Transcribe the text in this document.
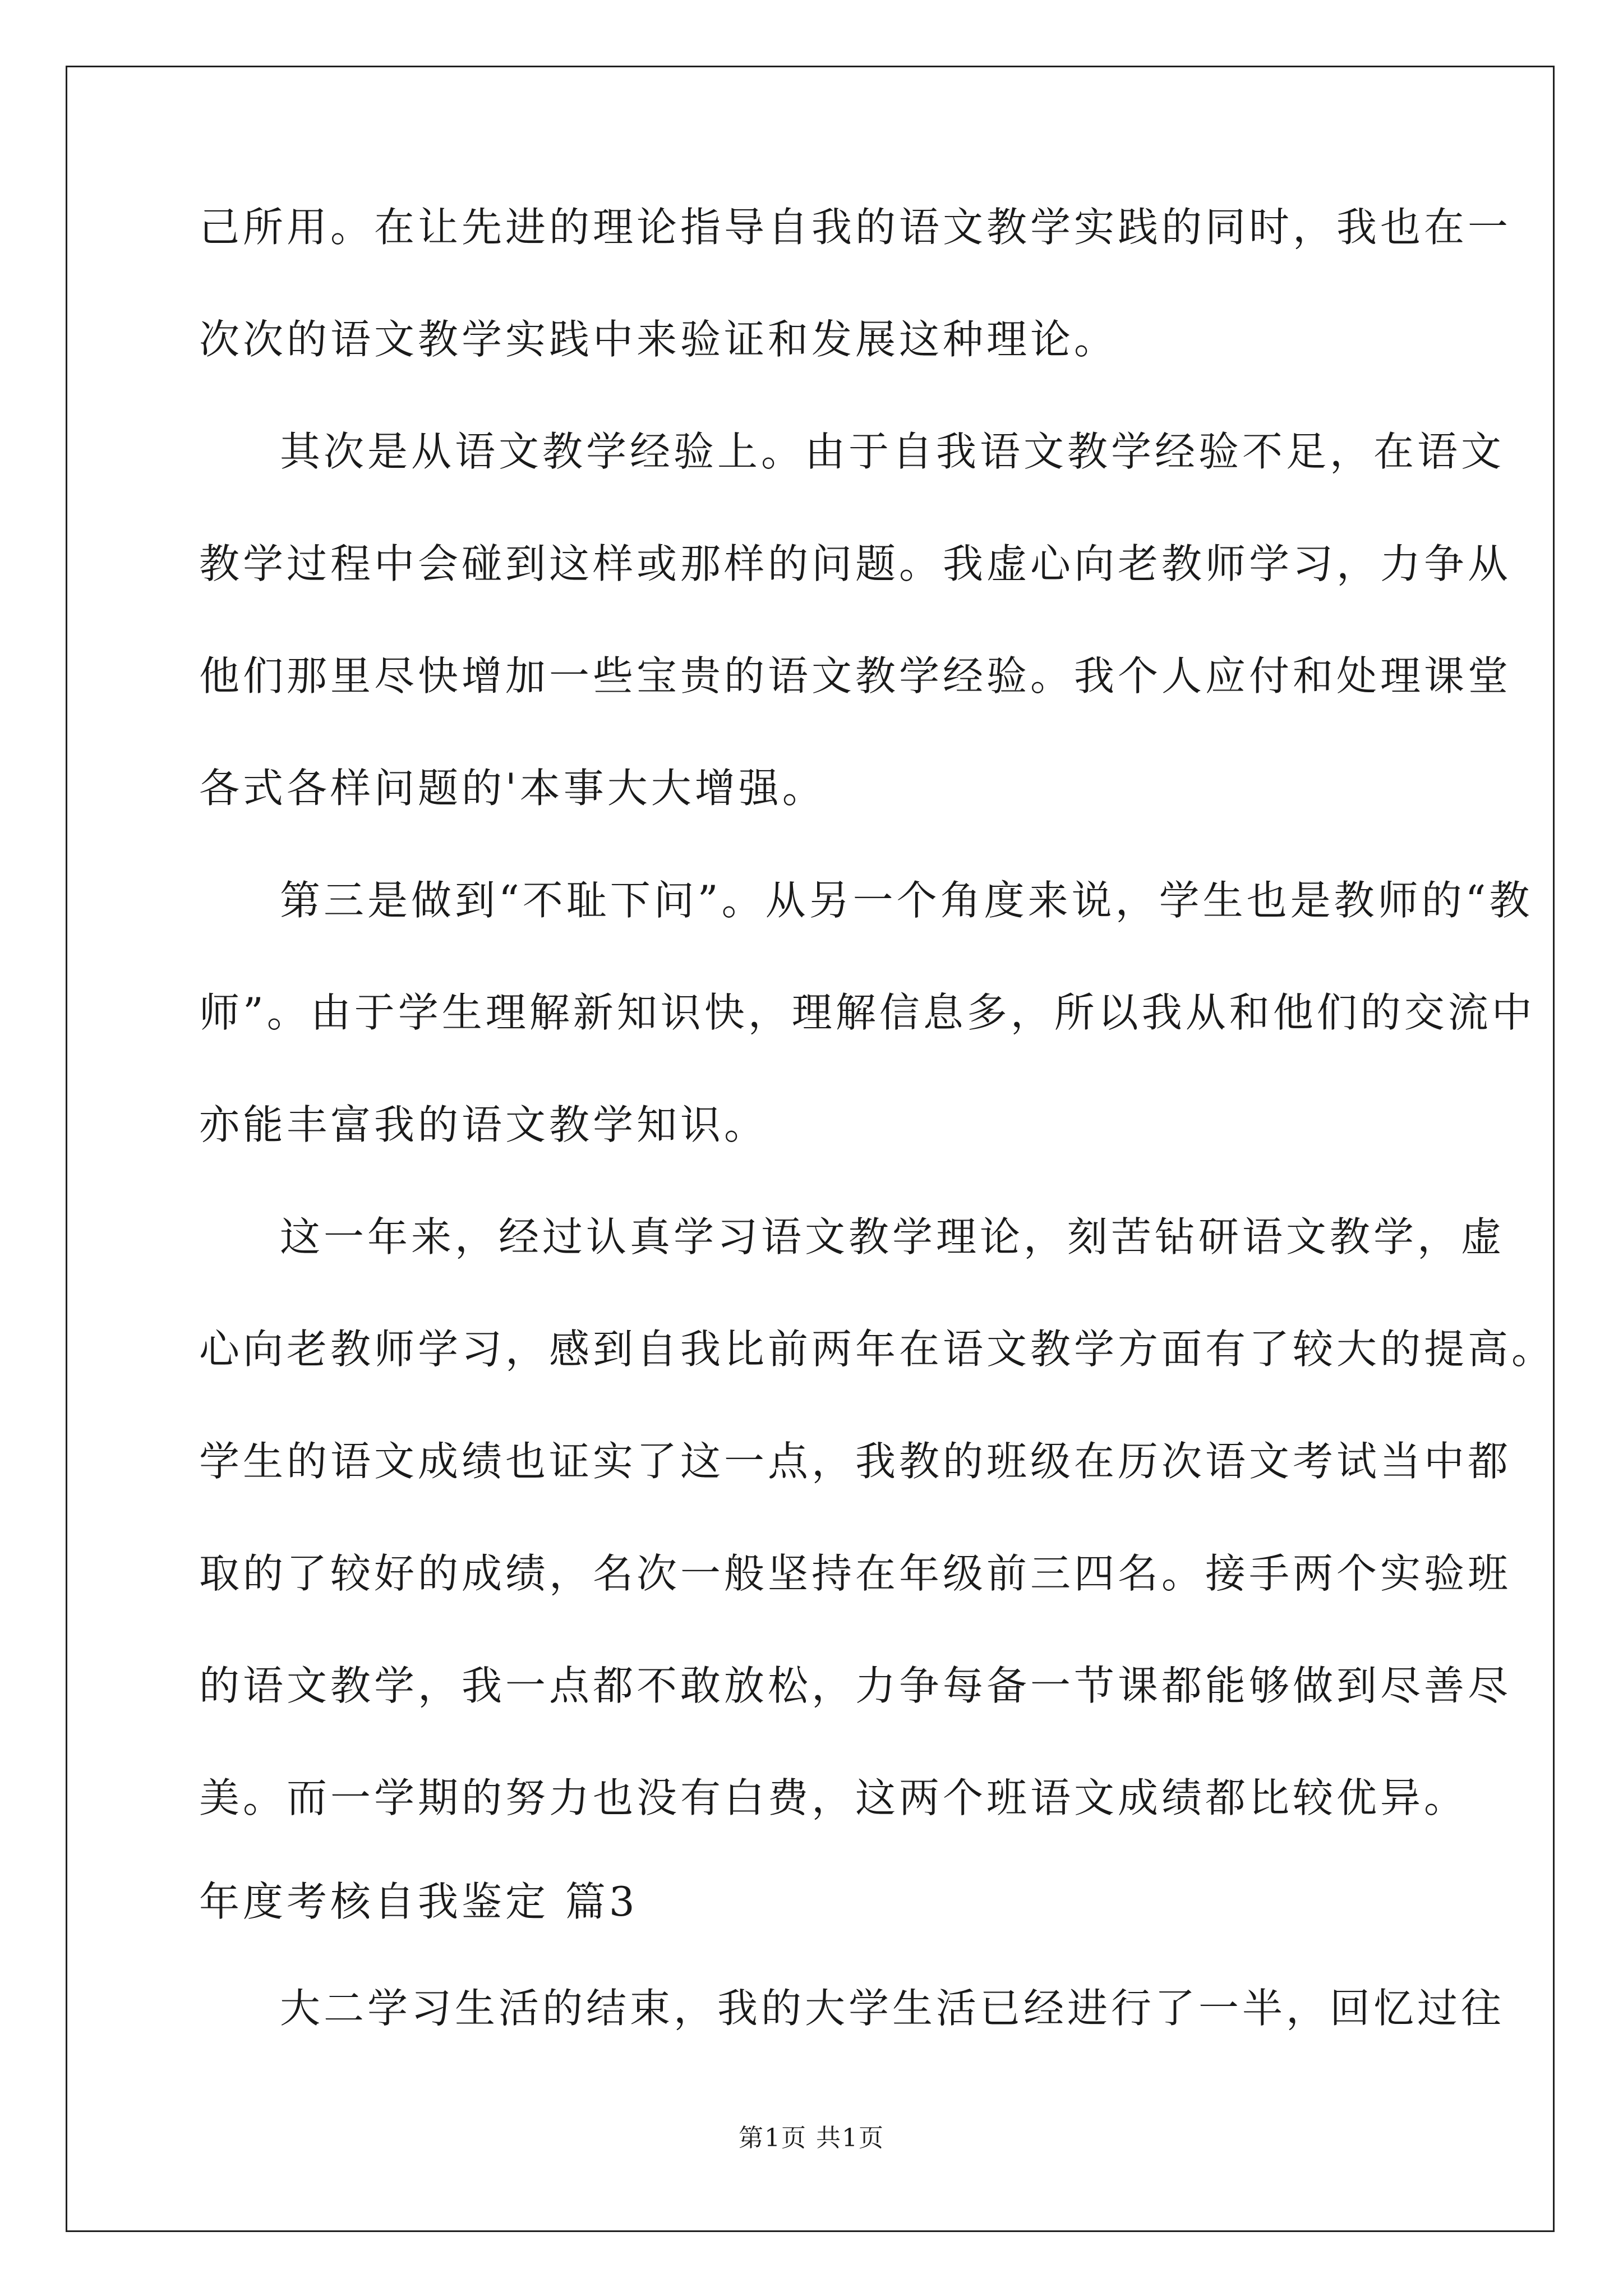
己所用。在让先进的理论指导自我的语文教学实践的同时，我也在一
次次的语文教学实践中来验证和发展这种理论。
其次是从语文教学经验上。由于自我语文教学经验不足，在语文
教学过程中会碰到这样或那样的问题。我虚心向老教师学习，力争从
他们那里尽快增加一些宝贵的语文教学经验。我个人应付和处理课堂
各式各样问题的'本事大大增强。
第三是做到“不耻下问”。从另一个角度来说，学生也是教师的“教
师”。由于学生理解新知识快，理解信息多，所以我从和他们的交流中
亦能丰富我的语文教学知识。
这一年来，经过认真学习语文教学理论，刻苦钻研语文教学，虚
心向老教师学习，感到自我比前两年在语文教学方面有了较大的提高。
学生的语文成绩也证实了这一点，我教的班级在历次语文考试当中都
取的了较好的成绩，名次一般坚持在年级前三四名。接手两个实验班
的语文教学，我一点都不敢放松，力争每备一节课都能够做到尽善尽
美。而一学期的努力也没有白费，这两个班语文成绩都比较优异。
年度考核自我鉴定 篇3
大二学习生活的结束，我的大学生活已经进行了一半，回忆过往
第1页 共1页
